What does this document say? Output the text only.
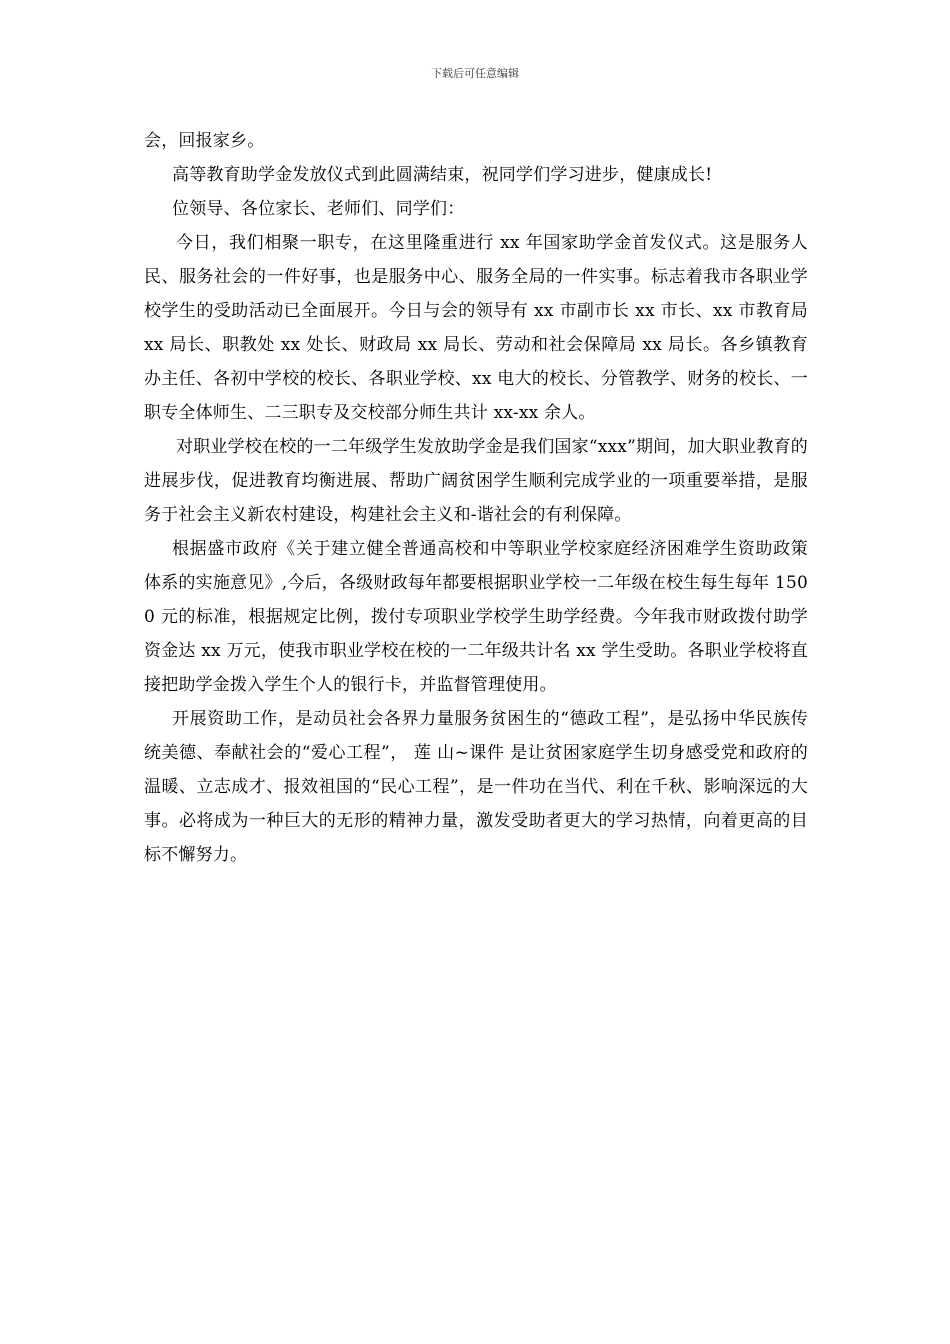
下载后可任意编辑

会，回报家乡。

高等教育助学金发放仪式到此圆满结束，祝同学们学习进步，健康成长!

位领导、各位家长、老师们、同学们：

今日，我们相聚一职专，在这里隆重进行 xx 年国家助学金首发仪式。这是服务人民、服务社会的一件好事，也是服务中心、服务全局的一件实事。标志着我市各职业学校学生的受助活动已全面展开。今日与会的领导有 xx 市副市长 xx 市长、xx 市教育局 xx 局长、职教处 xx 处长、财政局 xx 局长、劳动和社会保障局 xx 局长。各乡镇教育办主任、各初中学校的校长、各职业学校、xx 电大的校长、分管教学、财务的校长、一职专全体师生、二三职专及交校部分师生共计 xx-xx 余人。

对职业学校在校的一二年级学生发放助学金是我们国家“xxx”期间，加大职业教育的进展步伐，促进教育均衡进展、帮助广阔贫困学生顺利完成学业的一项重要举措，是服务于社会主义新农村建设，构建社会主义和-谐社会的有利保障。

根据盛市政府《关于建立健全普通高校和中等职业学校家庭经济困难学生资助政策体系的实施意见》,今后，各级财政每年都要根据职业学校一二年级在校生每生每年 1500 元的标准，根据规定比例，拨付专项职业学校学生助学经费。今年我市财政拨付助学资金达 xx 万元，使我市职业学校在校的一二年级共计名 xx 学生受助。各职业学校将直接把助学金拨入学生个人的银行卡，并监督管理使用。

开展资助工作，是动员社会各界力量服务贫困生的“德政工程”，是弘扬中华民族传统美德、奉献社会的“爱心工程”， 莲 山~课件 是让贫困家庭学生切身感受党和政府的温暖、立志成才、报效祖国的“民心工程”，是一件功在当代、利在千秋、影响深远的大事。必将成为一种巨大的无形的精神力量，激发受助者更大的学习热情，向着更高的目标不懈努力。
